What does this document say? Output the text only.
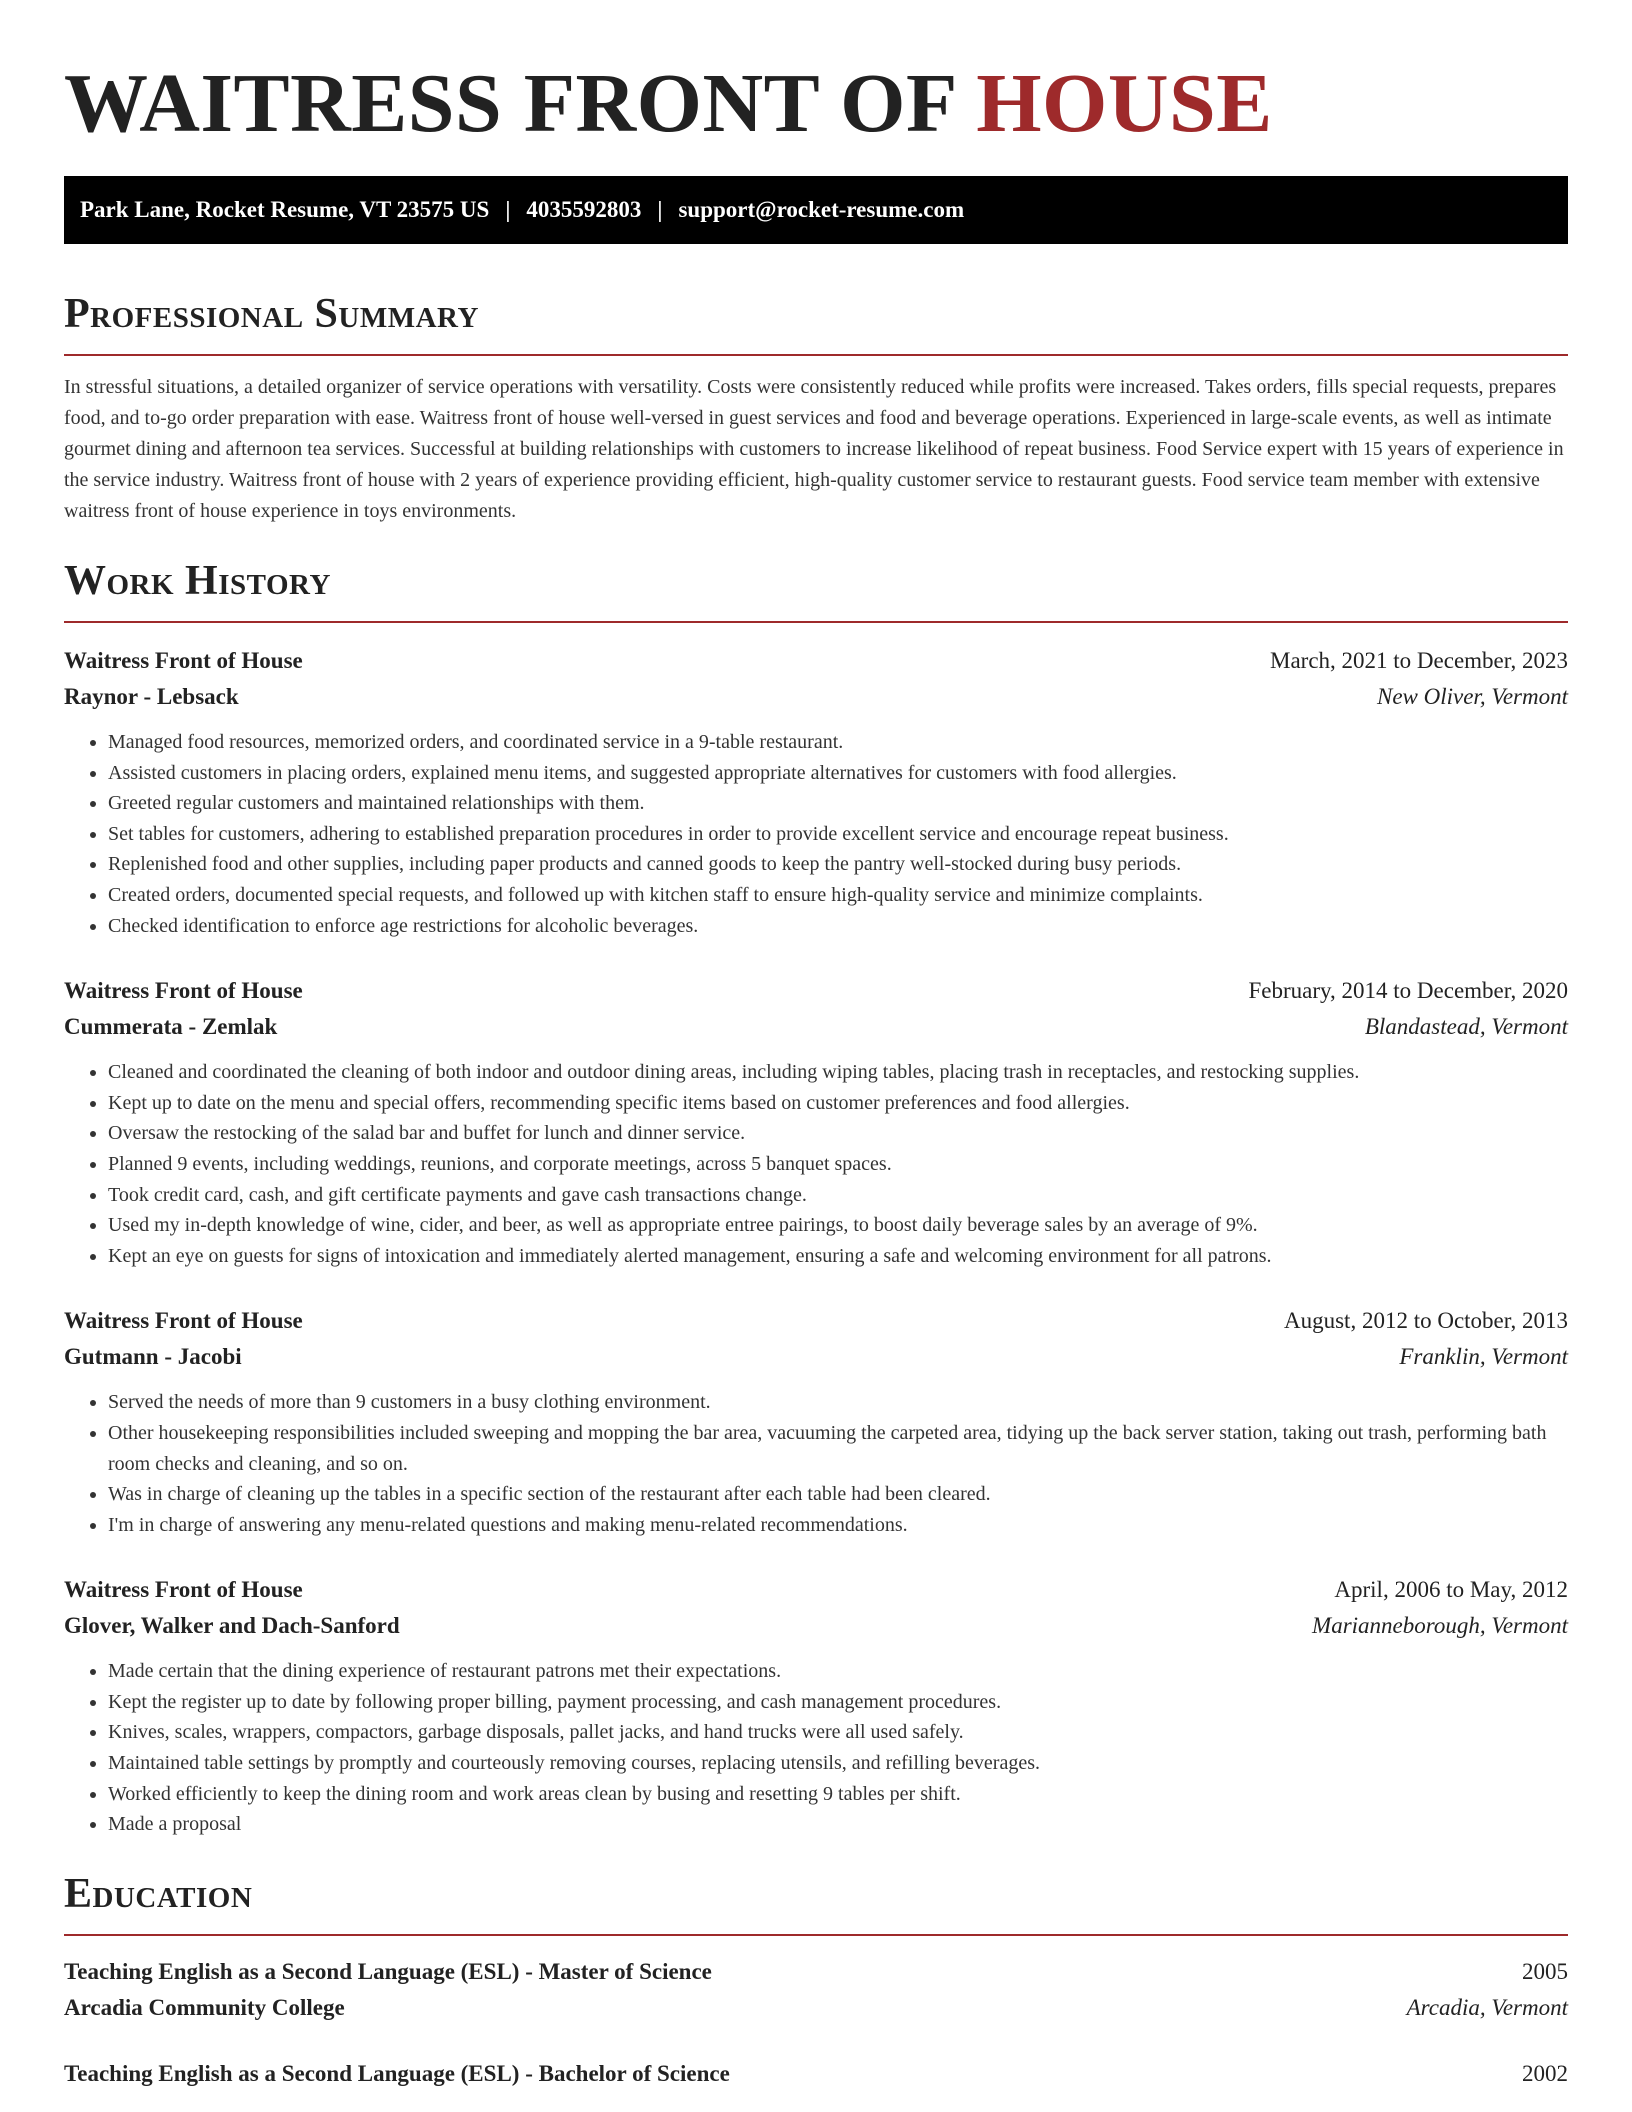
WAITRESS FRONT OF HOUSE
Park Lane, Rocket Resume, VT 23575 US | 4035592803 | support@rocket-resume.com
Professional Summary

In stressful situations, a detailed organizer of service operations with versatility. Costs were consistently reduced while profits were increased. Takes orders, fills special requests, prepares food, and to-go order preparation with ease. Waitress front of house well-versed in guest services and food and beverage operations. Experienced in large-scale events, as well as intimate gourmet dining and afternoon tea services. Successful at building relationships with customers to increase likelihood of repeat business. Food Service expert with 15 years of experience in the service industry. Waitress front of house with 2 years of experience providing efficient, high-quality customer service to restaurant guests. Food service team member with extensive waitress front of house experience in toys environments.

Work History
Waitress Front of House	March, 2021 to December, 2023
Raynor - Lebsack	New Oliver, Vermont
• Managed food resources, memorized orders, and coordinated service in a 9-table restaurant.
• Assisted customers in placing orders, explained menu items, and suggested appropriate alternatives for customers with food allergies.
• Greeted regular customers and maintained relationships with them.
• Set tables for customers, adhering to established preparation procedures in order to provide excellent service and encourage repeat business.
• Replenished food and other supplies, including paper products and canned goods to keep the pantry well-stocked during busy periods.
• Created orders, documented special requests, and followed up with kitchen staff to ensure high-quality service and minimize complaints.
• Checked identification to enforce age restrictions for alcoholic beverages.
Waitress Front of House	February, 2014 to December, 2020
Cummerata - Zemlak	Blandastead, Vermont
• Cleaned and coordinated the cleaning of both indoor and outdoor dining areas, including wiping tables, placing trash in receptacles, and restocking supplies.
• Kept up to date on the menu and special offers, recommending specific items based on customer preferences and food allergies.
• Oversaw the restocking of the salad bar and buffet for lunch and dinner service.
• Planned 9 events, including weddings, reunions, and corporate meetings, across 5 banquet spaces.
• Took credit card, cash, and gift certificate payments and gave cash transactions change.
• Used my in-depth knowledge of wine, cider, and beer, as well as appropriate entree pairings, to boost daily beverage sales by an average of 9%.
• Kept an eye on guests for signs of intoxication and immediately alerted management, ensuring a safe and welcoming environment for all patrons.
Waitress Front of House	August, 2012 to October, 2013
Gutmann - Jacobi	Franklin, Vermont
• Served the needs of more than 9 customers in a busy clothing environment.
• Other housekeeping responsibilities included sweeping and mopping the bar area, vacuuming the carpeted area, tidying up the back server station, taking out trash, performing bath room checks and cleaning, and so on.
• Was in charge of cleaning up the tables in a specific section of the restaurant after each table had been cleared.
• I'm in charge of answering any menu-related questions and making menu-related recommendations.
Waitress Front of House	April, 2006 to May, 2012
Glover, Walker and Dach-Sanford	Marianneborough, Vermont
• Made certain that the dining experience of restaurant patrons met their expectations.
• Kept the register up to date by following proper billing, payment processing, and cash management procedures.
• Knives, scales, wrappers, compactors, garbage disposals, pallet jacks, and hand trucks were all used safely.
• Maintained table settings by promptly and courteously removing courses, replacing utensils, and refilling beverages.
• Worked efficiently to keep the dining room and work areas clean by busing and resetting 9 tables per shift.
• Made a proposal
Education
Teaching English as a Second Language (ESL) - Master of Science	2005
Arcadia Community College	Arcadia, Vermont
Teaching English as a Second Language (ESL) - Bachelor of Science	2002
